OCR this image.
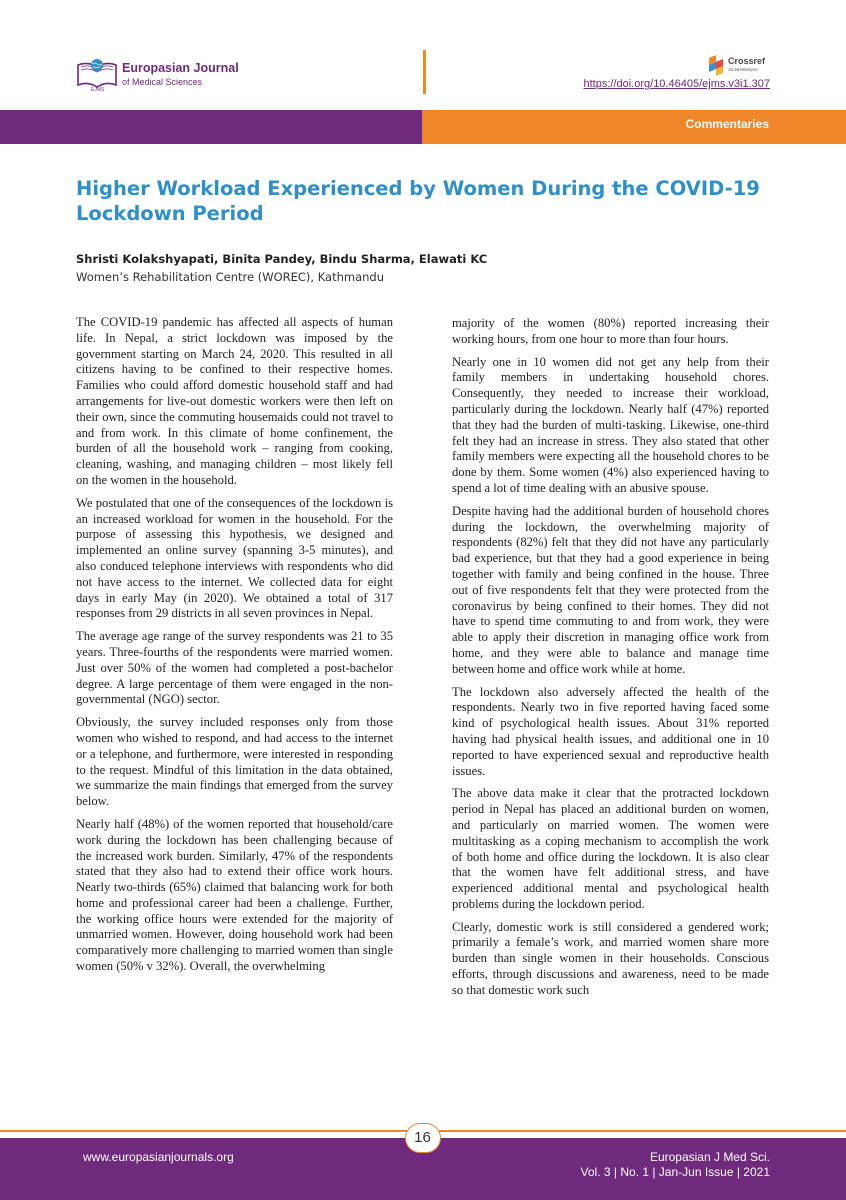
Europasian Journal
of Medical Sciences
EJMS
Crossref
10.46405/ejms
https://doi.org/10.46405/ejms.v3i1.307
Commentaries
Higher Workload Experienced by Women During the COVID-19 Lockdown Period
Shristi Kolakshyapati, Binita Pandey, Bindu Sharma, Elawati KC
Women’s Rehabilitation Centre (WOREC), Kathmandu

The COVID-19 pandemic has affected all aspects of human life. In Nepal, a strict lockdown was imposed by the government starting on March 24, 2020. This resulted in all citizens having to be confined to their respective homes. Families who could afford domestic household staff and had arrangements for live-out domestic workers were then left on their own, since the commuting housemaids could not travel to and from work. In this climate of home confinement, the burden of all the household work – ranging from cooking, cleaning, washing, and managing children – most likely fell on the women in the household.

We postulated that one of the consequences of the lockdown is an increased workload for women in the household. For the purpose of assessing this hypothesis, we designed and implemented an online survey (spanning 3-5 minutes), and also conduced telephone interviews with respondents who did not have access to the internet. We collected data for eight days in early May (in 2020). We obtained a total of 317 responses from 29 districts in all seven provinces in Nepal.

The average age range of the survey respondents was 21 to 35 years. Three-fourths of the respondents were married women. Just over 50% of the women had completed a post-bachelor degree. A large percentage of them were engaged in the non-governmental (NGO) sector.

Obviously, the survey included responses only from those women who wished to respond, and had access to the internet or a telephone, and furthermore, were interested in responding to the request. Mindful of this limitation in the data obtained, we summarize the main findings that emerged from the survey below.

Nearly half (48%) of the women reported that household/care work during the lockdown has been challenging because of the increased work burden. Similarly, 47% of the respondents stated that they also had to extend their office work hours. Nearly two-thirds (65%) claimed that balancing work for both home and professional career had been a challenge. Further, the working office hours were extended for the majority of unmarried women. However, doing household work had been comparatively more challenging to married women than single women (50% v 32%). Overall, the overwhelming

majority of the women (80%) reported increasing their working hours, from one hour to more than four hours.

Nearly one in 10 women did not get any help from their family members in undertaking household chores. Consequently, they needed to increase their workload, particularly during the lockdown. Nearly half (47%) reported that they had the burden of multi-tasking. Likewise, one-third felt they had an increase in stress. They also stated that other family members were expecting all the household chores to be done by them. Some women (4%) also experienced having to spend a lot of time dealing with an abusive spouse.

Despite having had the additional burden of household chores during the lockdown, the overwhelming majority of respondents (82%) felt that they did not have any particularly bad experience, but that they had a good experience in being together with family and being confined in the house. Three out of five respondents felt that they were protected from the coronavirus by being confined to their homes. They did not have to spend time commuting to and from work, they were able to apply their discretion in managing office work from home, and they were able to balance and manage time between home and office work while at home.

The lockdown also adversely affected the health of the respondents. Nearly two in five reported having faced some kind of psychological health issues. About 31% reported having had physical health issues, and additional one in 10 reported to have experienced sexual and reproductive health issues.

The above data make it clear that the protracted lockdown period in Nepal has placed an additional burden on women, and particularly on married women. The women were multitasking as a coping mechanism to accomplish the work of both home and office during the lockdown. It is also clear that the women have felt additional stress, and have experienced additional mental and psychological health problems during the lockdown period.

Clearly, domestic work is still considered a gendered work; primarily a female’s work, and married women share more burden than single women in their households. Conscious efforts, through discussions and awareness, need to be made so that domestic work such

16
www.europasianjournals.org	Europasian J Med Sci.
Vol. 3 | No. 1 | Jan-Jun Issue | 2021
